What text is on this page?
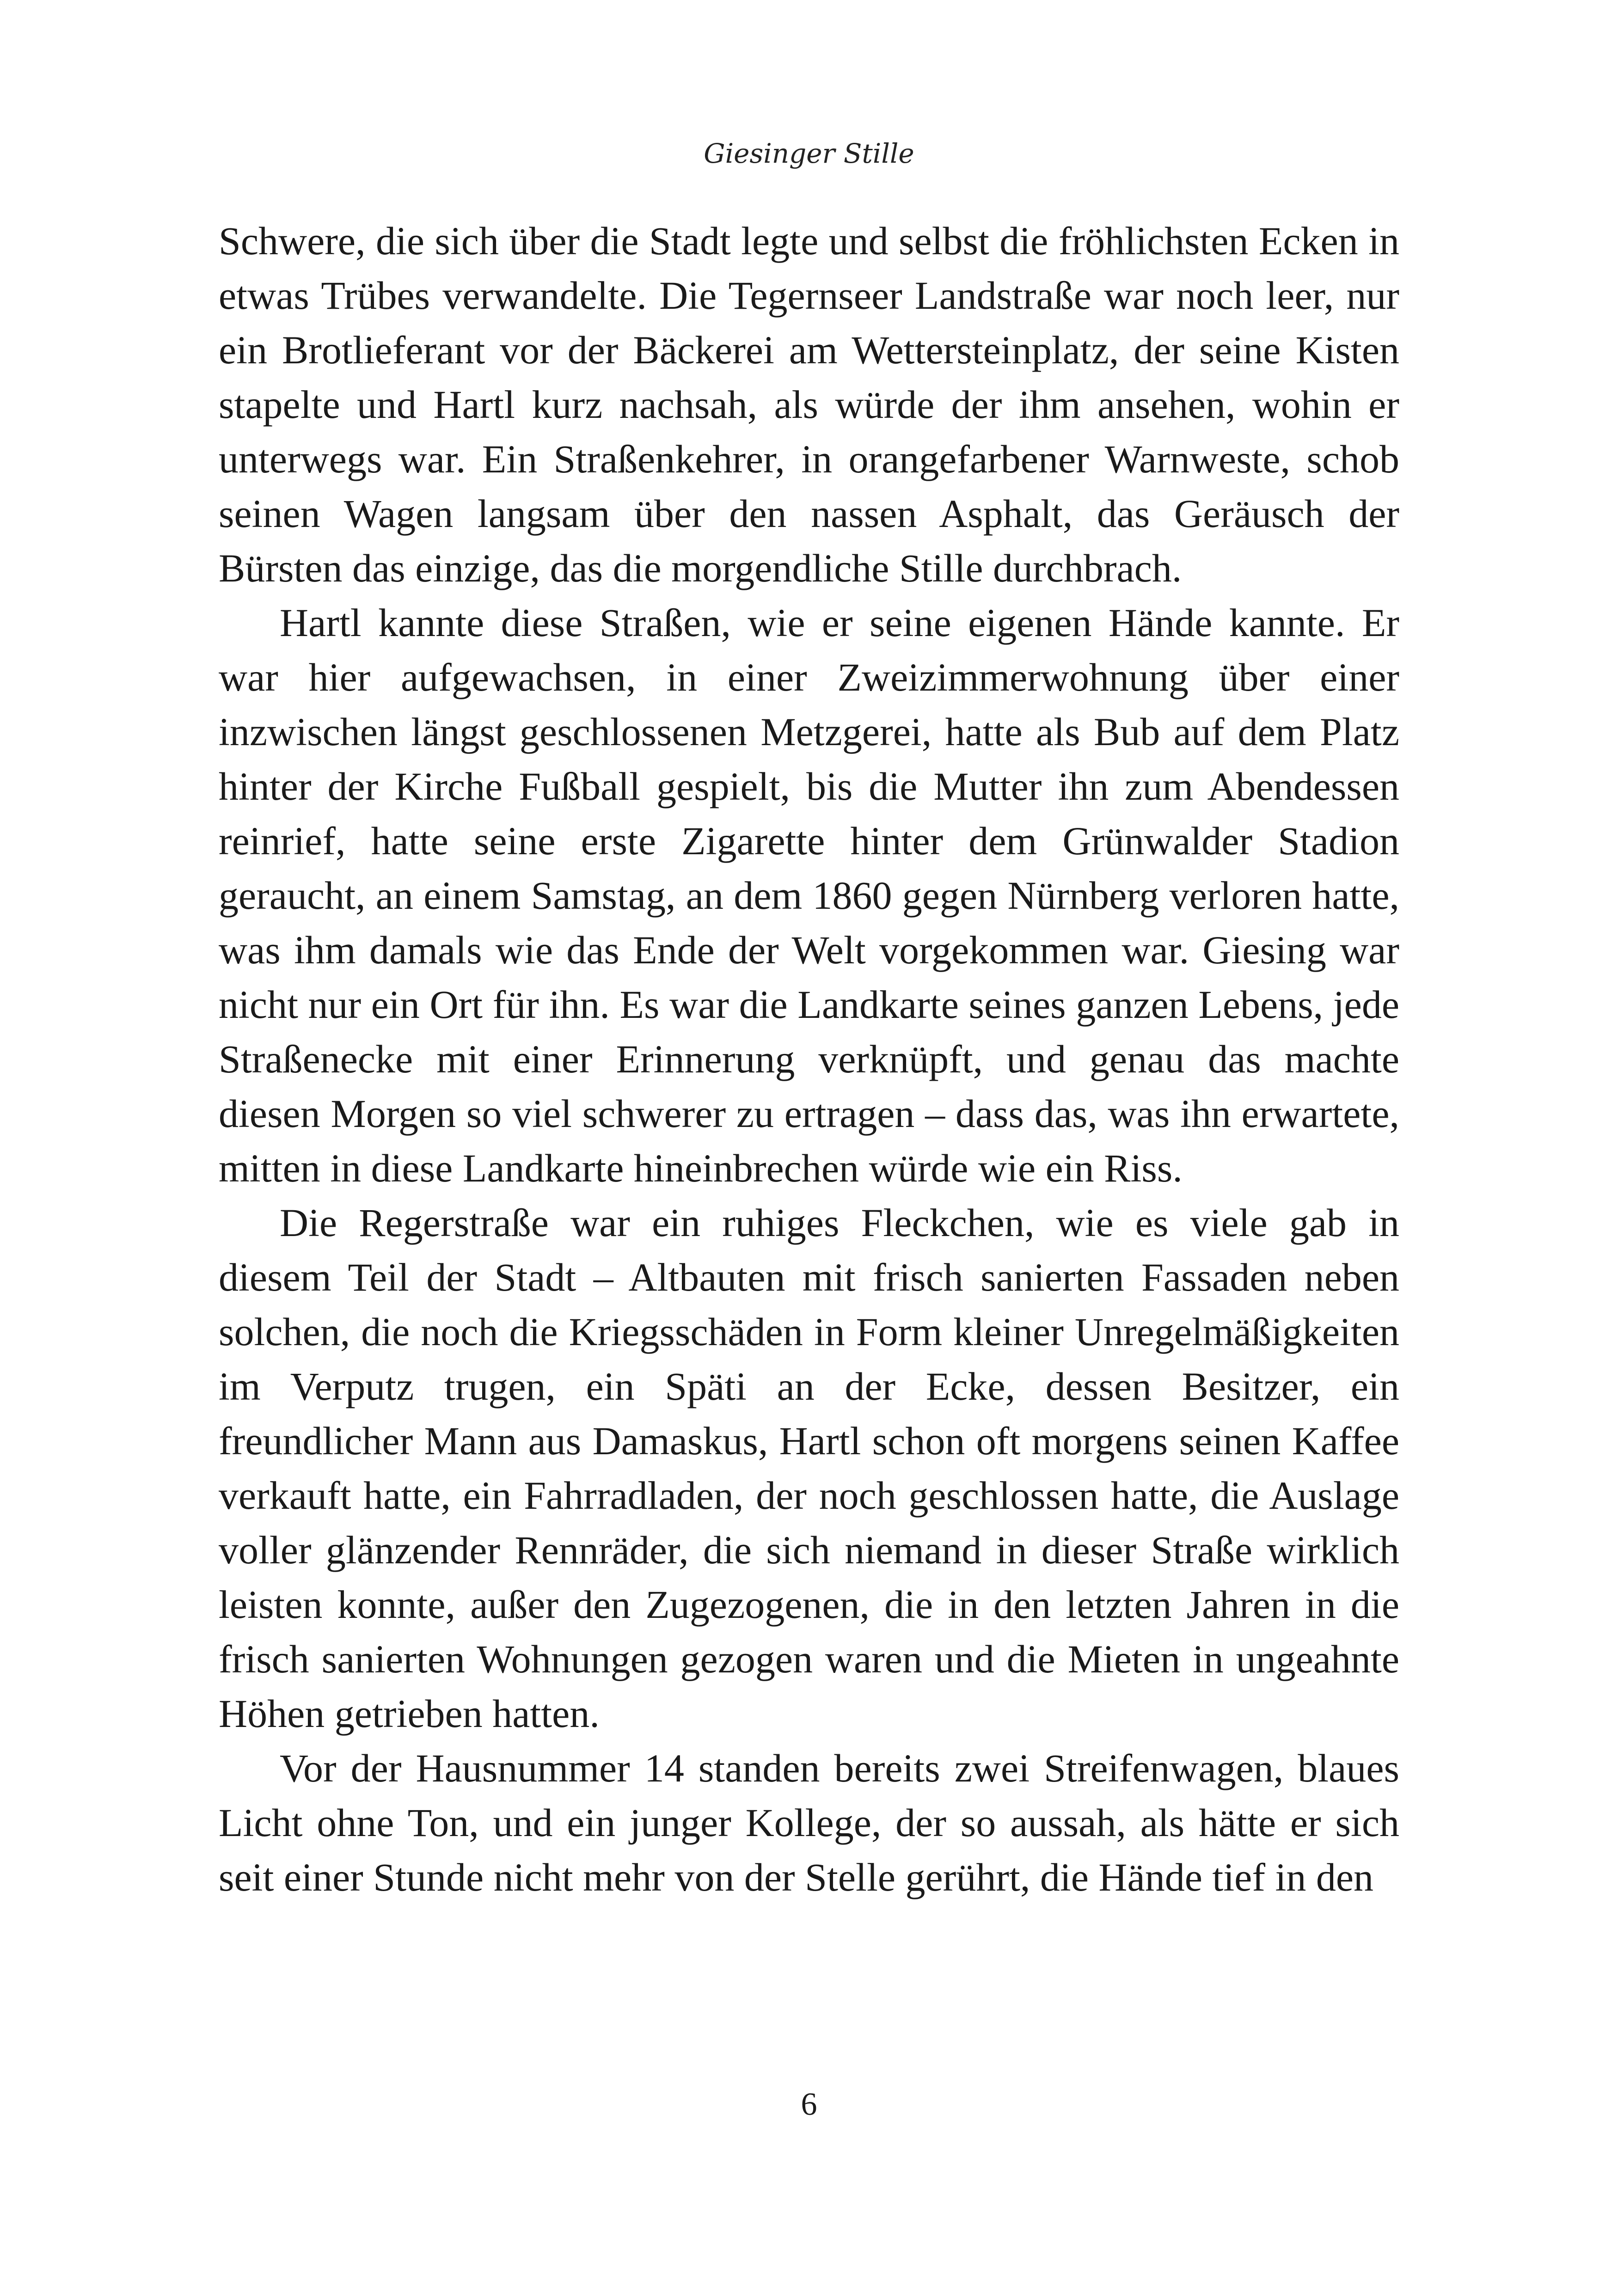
Giesinger Stille

Schwere, die sich über die Stadt legte und selbst die fröhlichsten Ecken in etwas Trübes verwandelte. Die Tegernseer Landstraße war noch leer, nur ein Brotlieferant vor der Bäckerei am Wettersteinplatz, der seine Kisten stapelte und Hartl kurz nachsah, als würde der ihm ansehen, wohin er unterwegs war. Ein Straßenkehrer, in orangefarbener Warnweste, schob seinen Wagen langsam über den nassen Asphalt, das Geräusch der Bürsten das einzige, das die morgendliche Stille durchbrach.

Hartl kannte diese Straßen, wie er seine eigenen Hände kannte. Er war hier aufgewachsen, in einer Zweizimmerwohnung über einer inzwischen längst geschlossenen Metzgerei, hatte als Bub auf dem Platz hinter der Kirche Fußball gespielt, bis die Mutter ihn zum Abendessen reinrief, hatte seine erste Zigarette hinter dem Grünwalder Stadion geraucht, an einem Samstag, an dem 1860 gegen Nürnberg verloren hatte, was ihm damals wie das Ende der Welt vorgekommen war. Giesing war nicht nur ein Ort für ihn. Es war die Landkarte seines ganzen Lebens, jede Straßenecke mit einer Erinnerung verknüpft, und genau das machte diesen Morgen so viel schwerer zu ertragen – dass das, was ihn erwartete, mitten in diese Landkarte hineinbrechen würde wie ein Riss.

Die Regerstraße war ein ruhiges Fleckchen, wie es viele gab in diesem Teil der Stadt – Altbauten mit frisch sanierten Fassaden neben solchen, die noch die Kriegsschäden in Form kleiner Unregelmäßigkeiten im Verputz trugen, ein Späti an der Ecke, dessen Besitzer, ein freundlicher Mann aus Damaskus, Hartl schon oft morgens seinen Kaffee verkauft hatte, ein Fahrradladen, der noch geschlossen hatte, die Auslage voller glänzender Rennräder, die sich niemand in dieser Straße wirklich leisten konnte, außer den Zugezogenen, die in den letzten Jahren in die frisch sanierten Wohnungen gezogen waren und die Mieten in ungeahnte Höhen getrieben hatten.

Vor der Hausnummer 14 standen bereits zwei Streifenwagen, blaues Licht ohne Ton, und ein junger Kollege, der so aussah, als hätte er sich seit einer Stunde nicht mehr von der Stelle gerührt, die Hände tief in den

6
